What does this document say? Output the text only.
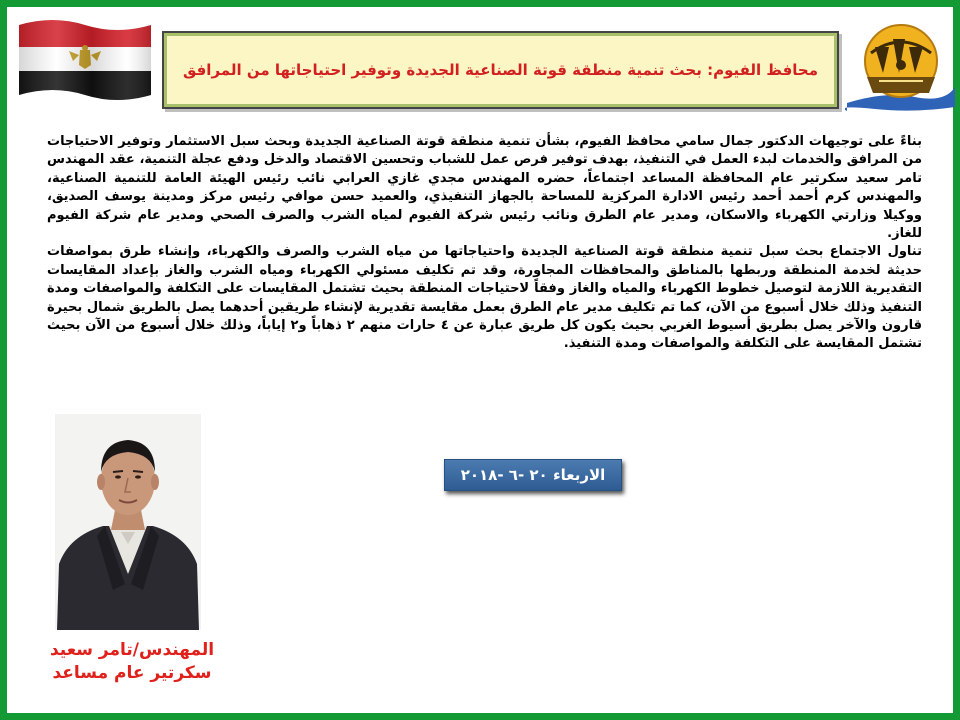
محافظ الفيوم: بحث تنمية منطقة قوتة الصناعية الجديدة وتوفير احتياجاتها من المرافق

بناءً على توجيهات الدكتور جمال سامي محافظ الفيوم، بشأن تنمية منطقة قوتة الصناعية الجديدة وبحث سبل الاستثمار وتوفير الاحتياجات من المرافق والخدمات لبدء العمل في التنفيذ، بهدف توفير فرص عمل للشباب وتحسين الاقتصاد والدخل ودفع عجلة التنمية، عقد المهندس تامر سعيد سكرتير عام المحافظة المساعد اجتماعاً، حضره المهندس مجدي غازي العرابي نائب رئيس الهيئة العامة للتنمية الصناعية، والمهندس كرم أحمد أحمد رئيس الادارة المركزية للمساحة بالجهاز التنفيذي، والعميد حسن موافي رئيس مركز ومدينة يوسف الصديق، ووكيلا وزارتي الكهرباء والاسكان، ومدير عام الطرق ونائب رئيس شركة الفيوم لمياه الشرب والصرف الصحي ومدير عام شركة الفيوم للغاز.

تناول الاجتماع بحث سبل تنمية منطقة قوتة الصناعية الجديدة واحتياجاتها من مياه الشرب والصرف والكهرباء، وإنشاء طرق بمواصفات حديثة لخدمة المنطقة وربطها بالمناطق والمحافظات المجاورة، وقد تم تكليف مسئولي الكهرباء ومياه الشرب والغاز بإعداد المقايسات التقديرية اللازمة لتوصيل خطوط الكهرباء والمياه والغاز وفقاً لاحتياجات المنطقة بحيث تشتمل المقايسات على التكلفة والمواصفات ومدة التنفيذ وذلك خلال أسبوع من الآن، كما تم تكليف مدير عام الطرق بعمل مقايسة تقديرية لإنشاء طريقين أحدهما يصل بالطريق شمال بحيرة قارون والآخر يصل بطريق أسيوط الغربي بحيث يكون كل طريق عبارة عن ٤ حارات منهم ٢ ذهاباً و٢ إياباً، وذلك خلال أسبوع من الآن بحيث تشتمل المقايسة على التكلفة والمواصفات ومدة التنفيذ.

الاربعاء ٢٠ -٦ -٢٠١٨
المهندس/تامر سعيد
سكرتير عام مساعد
